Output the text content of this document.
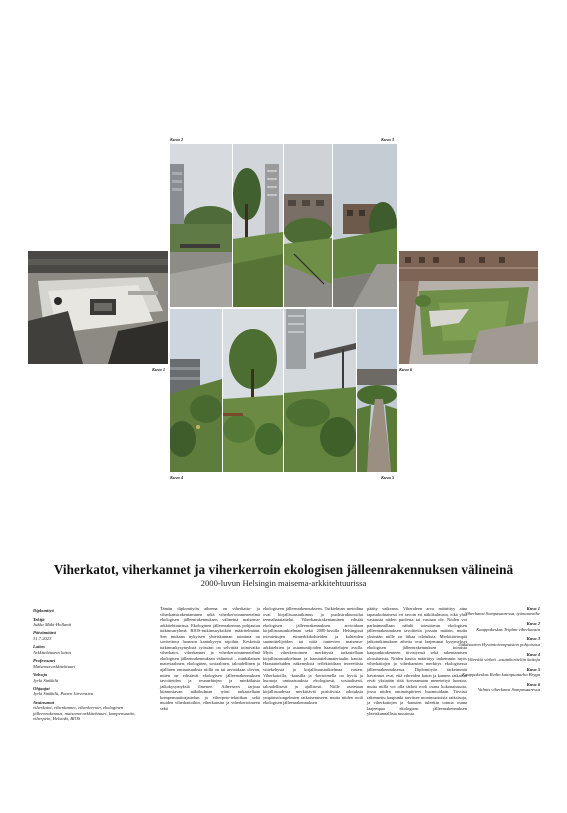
Kuva 2	Kuva 3
Kuva 1	Kuva 6
Kuva 4	Kuva 5
Viherkatot, viherkannet ja viherkerroin ekologisen jälleenrakennuksen välineinä
2000-luvun Helsingin maisema-arkkitehtuurissa
Diplomityö
Tekijä
Jukka Mäki-Hollanti
Päivämäärä
31.7.2023
Laitos
Arkkitehtuurin laitos
Professuuri
Maisema-arkkitehtuuri
Valvoja
Jyrki Sinkkilä
Ohjaajat
Jyrki Sinkkilä, Paavo Järvensivu
Avainsanat
viherkatot, viherkannet, viherkerroin, ekologinen jälleenrakennus, maisema-arkkitehtuuri, kompensaatio, viherpeto, Helsinki, BIOS

Tämän diplomityön aiheena on viherkatto- ja viherkansirakentaminen sekä viherkerroinmenetelmä ekologisen jälleenrakennuksen välineinä maisema-arkkitehtuurissa. Ekologinen jälleenrakennus pohjautuu tutkimusryhmä BIOS-tutkimusyksikön määritelmään. Sen mukaan nykyisen yhteiskunnan toiminta on sovitettava luonnon kantokyvyn rajoihin. Keskeisiä tutkimuskysymyksiä työssäni on selvittää toimivatko viherkatot, viherkannet ja viherkerroinmenetelmä ekologisen jälleenrakennuksen välineinä – minkälainen materiaalinen, ekologinen, sosiaalinen, taloudellinen ja ajallinen ominaisuuksia niillä on tai arvioidaan olevan, miten ne edistävät ekologisen jälleenrakennuksen tavoitteiden ja reunaehtojen ja minkälaisia jatkokysymyksiä ilmenee. Aiheeseen tarjoaa kiinnostavan näkökulman työni tarkastellaan kompensaatioajattelun ja viherpeto-tekniikan sekä muiden viherkattoihin, viherkansiin ja viherkertoimeen sekä

ekologiseen jälleenrakennukseen. Tutkielman metodina ovat kirjallisuustutkimus ja puolistrukturoidut teemahaastattelut. Viherkansirakentaminen edistää ekologisen jälleenrakennuksen arvioidaan kirjallisuustutkielman sekä 2000-luvulla Helsingissä toteutettujen esimerkkikohteiden ja kohteiden suunnittelijoiden tai niitä tuntevien maisema-arkkitehtien ja asiantuntijoiden haastattelujen avulla. Myös viherkertoimen merkitystä tarkastellaan kirjallisuustutkielman ja haastattelumateriaalin kautta. Haastatteluiden näkemyksiä reflektoidaan teoreettista viitekehystä ja kirjallisuustutkielmaa vasten. Viherkatoilla, -kansilla ja -kertoimella on hyviä ja huonoja ominaisuuksia ekologisesti, sosiaalisesti, taloudellisesti ja ajallisesti. Niille asetetaan kirjallisuudessa merkittäviä positiivisia odotuksia ympäristöongelmien ratkaisemiseen, mutta niiden rooli ekologisen jälleenrakennuksen

päätty vaikeana. Viheraleen arvo määrittyy aina tapauskohtaisesti eri tavoin eri näkökulmista, eikä yhtä vastausta niiden puolesta tai vastaan ole. Niiden voi parhaimmillaan nähdä toteuttavan ekologisen jälleenrakennuksen tavoitteita jossain määrin, mutta yksinään niille on liikaa odotuksia. Merkittävimpiä jatkotutkimuksen aiheita ovat laajemmat kysymykset ekologisen jälleenrakennuksen toimista kaupunkirakenteen tiivistyessä sekä rakentamisen olosuhteista. Niiden kautta määrittyy tarkemmin myös viherkattojen ja viherkansien merkitys ekologisessa jälleenrakennuksessa. Diplomityön tärkeimmät havainnot ovat, että vihreiden katon ja kannen ratkaisut eivät yksinään riitä korvaamaan menetettyä luontoa, mutta niillä voi olla tärkeä rooli osana kokonaisuutta, jossa niiden ominaispiirteet huomioidaan. Tiiviisti rakennettu kaupunki tarvitsee monimuotoisia ratkaisuja, ja viherkattojen ja -kansien tuleekin toimia osana laajempaa ekologisen jälleenrakennuksen yhteiskunnallista muutosta.

Kuva 1
Viherkansi Sompasaaressa, työmaavaihe
Kuva 2
Kauppakeskus Triplan viherkansia
Kuva 3
Jätkäsaaren Hyväntoivonpuiston pohjoisosa
Kuva 4
Vihreätä virheä –asuinkortteliin kattoja
Kuva 5
Kauppakeskus Redin kattopuutarha Bryga
Kuva 6
Valmis viherkansi Sompasaaressa
